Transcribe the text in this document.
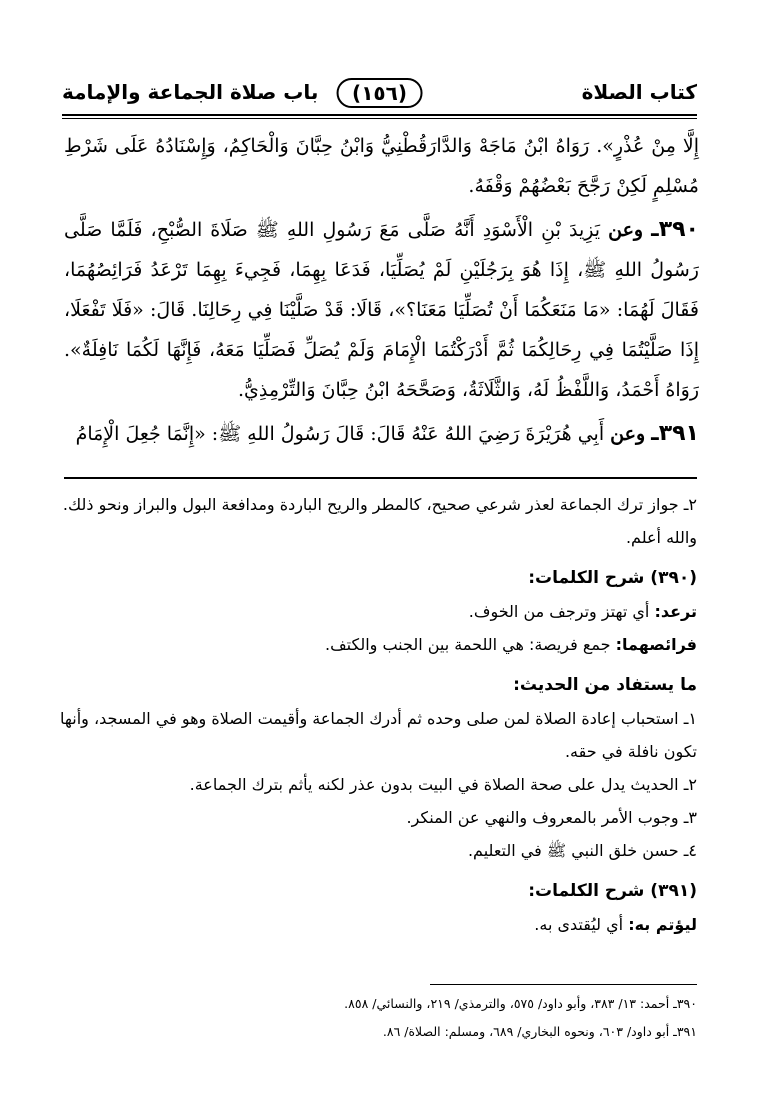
كتاب الصلاة
(١٥٦)
باب صلاة الجماعة والإمامة

إِلَّا مِنْ عُذْرٍ». رَوَاهُ ابْنُ مَاجَهْ وَالدَّارَقُطْنِيُّ وَابْنُ حِبَّانَ وَالْحَاكِمُ، وَإِسْنَادُهُ عَلَى شَرْطِ مُسْلِمٍ لَكِنْ رَجَّحَ بَعْضُهُمْ وَقْفَهُ.

٣٩٠ـ وعن يَزِيدَ بْنِ الْأَسْوَدِ أَنَّهُ صَلَّى مَعَ رَسُولِ اللهِ ﷺ صَلَاةَ الصُّبْحِ، فَلَمَّا صَلَّى رَسُولُ اللهِ ﷺ، إِذَا هُوَ بِرَجُلَيْنِ لَمْ يُصَلِّيَا، فَدَعَا بِهِمَا، فَجِيءَ بِهِمَا تَرْعَدُ فَرَائِصُهُمَا، فَقَالَ لَهُمَا: «مَا مَنَعَكُمَا أَنْ تُصَلِّيَا مَعَنَا؟»، قَالَا: قَدْ صَلَّيْنَا فِي رِحَالِنَا. قَالَ: «فَلَا تَفْعَلَا، إِذَا صَلَّيْتُمَا فِي رِحَالِكُمَا ثُمَّ أَدْرَكْتُمَا الْإِمَامَ وَلَمْ يُصَلِّ فَصَلِّيَا مَعَهُ، فَإِنَّهَا لَكُمَا نَافِلَةٌ». رَوَاهُ أَحْمَدُ، وَاللَّفْظُ لَهُ، وَالثَّلَاثَةُ، وَصَحَّحَهُ ابْنُ حِبَّانَ وَالتِّرْمِذِيُّ.

٣٩١ـ وعن أَبِي هُرَيْرَةَ رَضِيَ اللهُ عَنْهُ قَالَ: قَالَ رَسُولُ اللهِ ﷺ: «إِنَّمَا جُعِلَ الْإِمَامُ

٢ـ جواز ترك الجماعة لعذر شرعي صحيح، كالمطر والريح الباردة ومدافعة البول والبراز ونحو ذلك. والله أعلم.

(٣٩٠) شرح الكلمات:

ترعد: أي تهتز وترجف من الخوف.

فرائصهما: جمع فريصة: هي اللحمة بين الجنب والكتف.

ما يستفاد من الحديث:

١ـ استحباب إعادة الصلاة لمن صلى وحده ثم أدرك الجماعة وأقيمت الصلاة وهو في المسجد، وأنها تكون نافلة في حقه.

٢ـ الحديث يدل على صحة الصلاة في البيت بدون عذر لكنه يأثم بترك الجماعة.

٣ـ وجوب الأمر بالمعروف والنهي عن المنكر.

٤ـ حسن خلق النبي ﷺ في التعليم.

(٣٩١) شرح الكلمات:

ليؤتم به: أي ليُقتدى به.

٣٩٠ـ أحمد: ١٣/ ٣٨٣، وأبو داود/ ٥٧٥، والترمذي/ ٢١٩، والنسائي/ ٨٥٨.

٣٩١ـ أبو داود/ ٦٠٣، ونحوه البخاري/ ٦٨٩، ومسلم: الصلاة/ ٨٦.
